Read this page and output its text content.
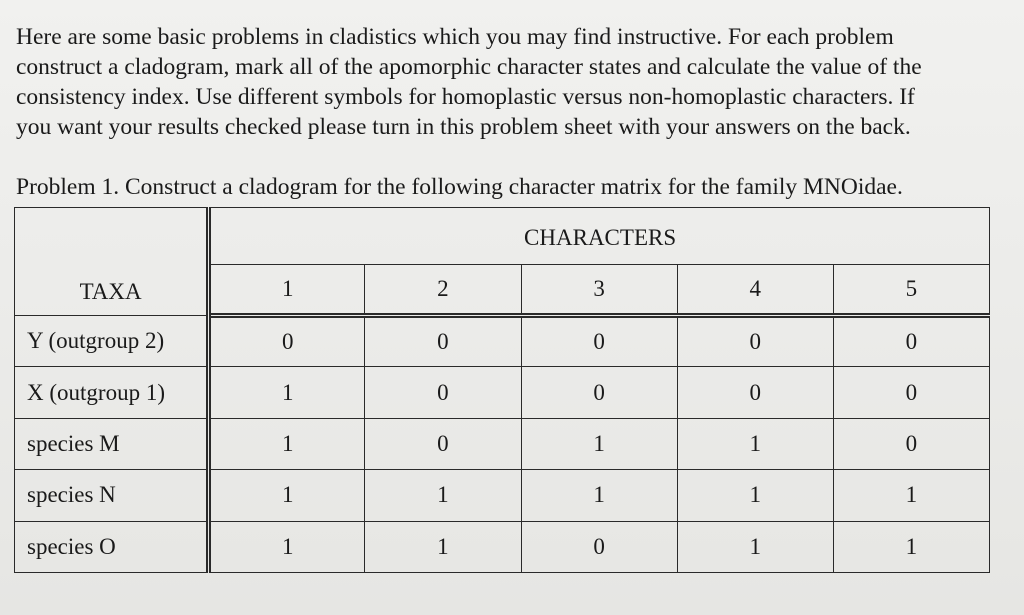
Here are some basic problems in cladistics which you may find instructive. For each problem
construct a cladogram, mark all of the apomorphic character states and calculate the value of the
consistency index. Use different symbols for homoplastic versus non-homoplastic characters. If
you want your results checked please turn in this problem sheet with your answers on the back.
Problem 1. Construct a cladogram for the following character matrix for the family MNOidae.
TAXA	CHARACTERS				
	1	2	3	4	5
Y (outgroup 2)	0	0	0	0	0
X (outgroup 1)	1	0	0	0	0
species M	1	0	1	1	0
species N	1	1	1	1	1
species O	1	1	0	1	1
